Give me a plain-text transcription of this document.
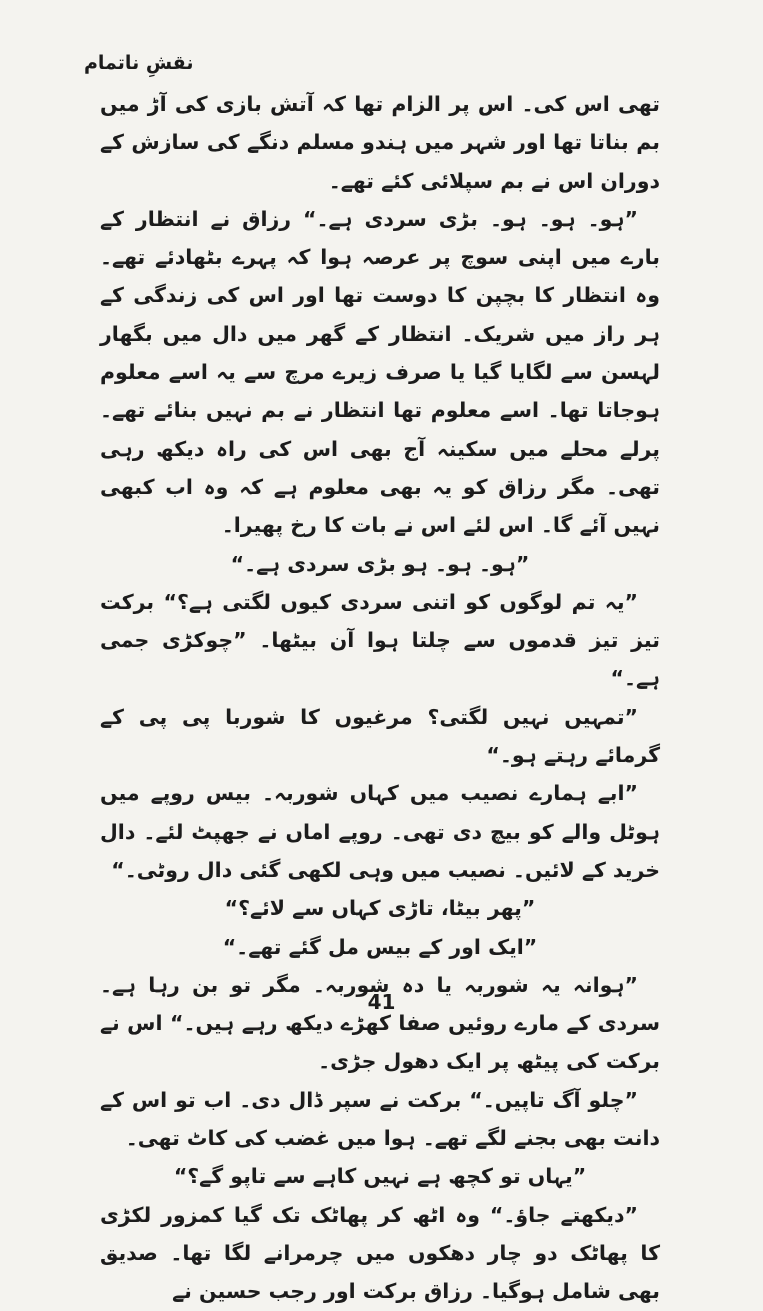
نقشِ ناتمام

تھی اس کی۔ اس پر الزام تھا کہ آتش بازی کی آڑ میں بم بناتا تھا اور شہر میں ہندو مسلم دنگے کی سازش کے دوران اس نے بم سپلائی کئے تھے۔

”ہو۔ ہو۔ ہو۔ بڑی سردی ہے۔“ رزاق نے انتظار کے بارے میں اپنی سوچ پر عرصہ ہوا کہ پہرے بٹھادئے تھے۔ وہ انتظار کا بچپن کا دوست تھا اور اس کی زندگی کے ہر راز میں شریک۔ انتظار کے گھر میں دال میں بگھار لہسن سے لگایا گیا یا صرف زیرے مرچ سے یہ اسے معلوم ہوجاتا تھا۔ اسے معلوم تھا انتظار نے بم نہیں بنائے تھے۔ پرلے محلے میں سکینہ آج بھی اس کی راہ دیکھ رہی تھی۔ مگر رزاق کو یہ بھی معلوم ہے کہ وہ اب کبھی نہیں آئے گا۔ اس لئے اس نے بات کا رخ پھیرا۔

”ہو۔ ہو۔ ہو بڑی سردی ہے۔“

”یہ تم لوگوں کو اتنی سردی کیوں لگتی ہے؟“ برکت تیز تیز قدموں سے چلتا ہوا آن بیٹھا۔ ”چوکڑی جمی ہے۔“

”تمہیں نہیں لگتی؟ مرغیوں کا شوربا پی پی کے گرمائے رہتے ہو۔“

”ابے ہمارے نصیب میں کہاں شوربہ۔ بیس روپے میں ہوٹل والے کو بیچ دی تھی۔ روپے اماں نے جھپٹ لئے۔ دال خرید کے لائیں۔ نصیب میں وہی لکھی گئی دال روٹی۔“

”پھر بیٹا، تاڑی کہاں سے لائے؟“

”ایک اور کے بیس مل گئے تھے۔“

”ہوانہ یہ شوربہ یا دہ شوربہ۔ مگر تو بن رہا ہے۔ سردی کے مارے روئیں صفا کھڑے دیکھ رہے ہیں۔“ اس نے برکت کی پیٹھ پر ایک دھول جڑی۔

”چلو آگ تاپیں۔“ برکت نے سپر ڈال دی۔ اب تو اس کے دانت بھی بجنے لگے تھے۔ ہوا میں غضب کی کاٹ تھی۔

”یہاں تو کچھ ہے نہیں کاہے سے تاپو گے؟“

”دیکھتے جاؤ۔“ وہ اٹھ کر پھاٹک تک گیا کمزور لکڑی کا پھاٹک دو چار دھکوں میں چرمرانے لگا تھا۔ صدیق بھی شامل ہوگیا۔ رزاق برکت اور رجب حسین نے

41
